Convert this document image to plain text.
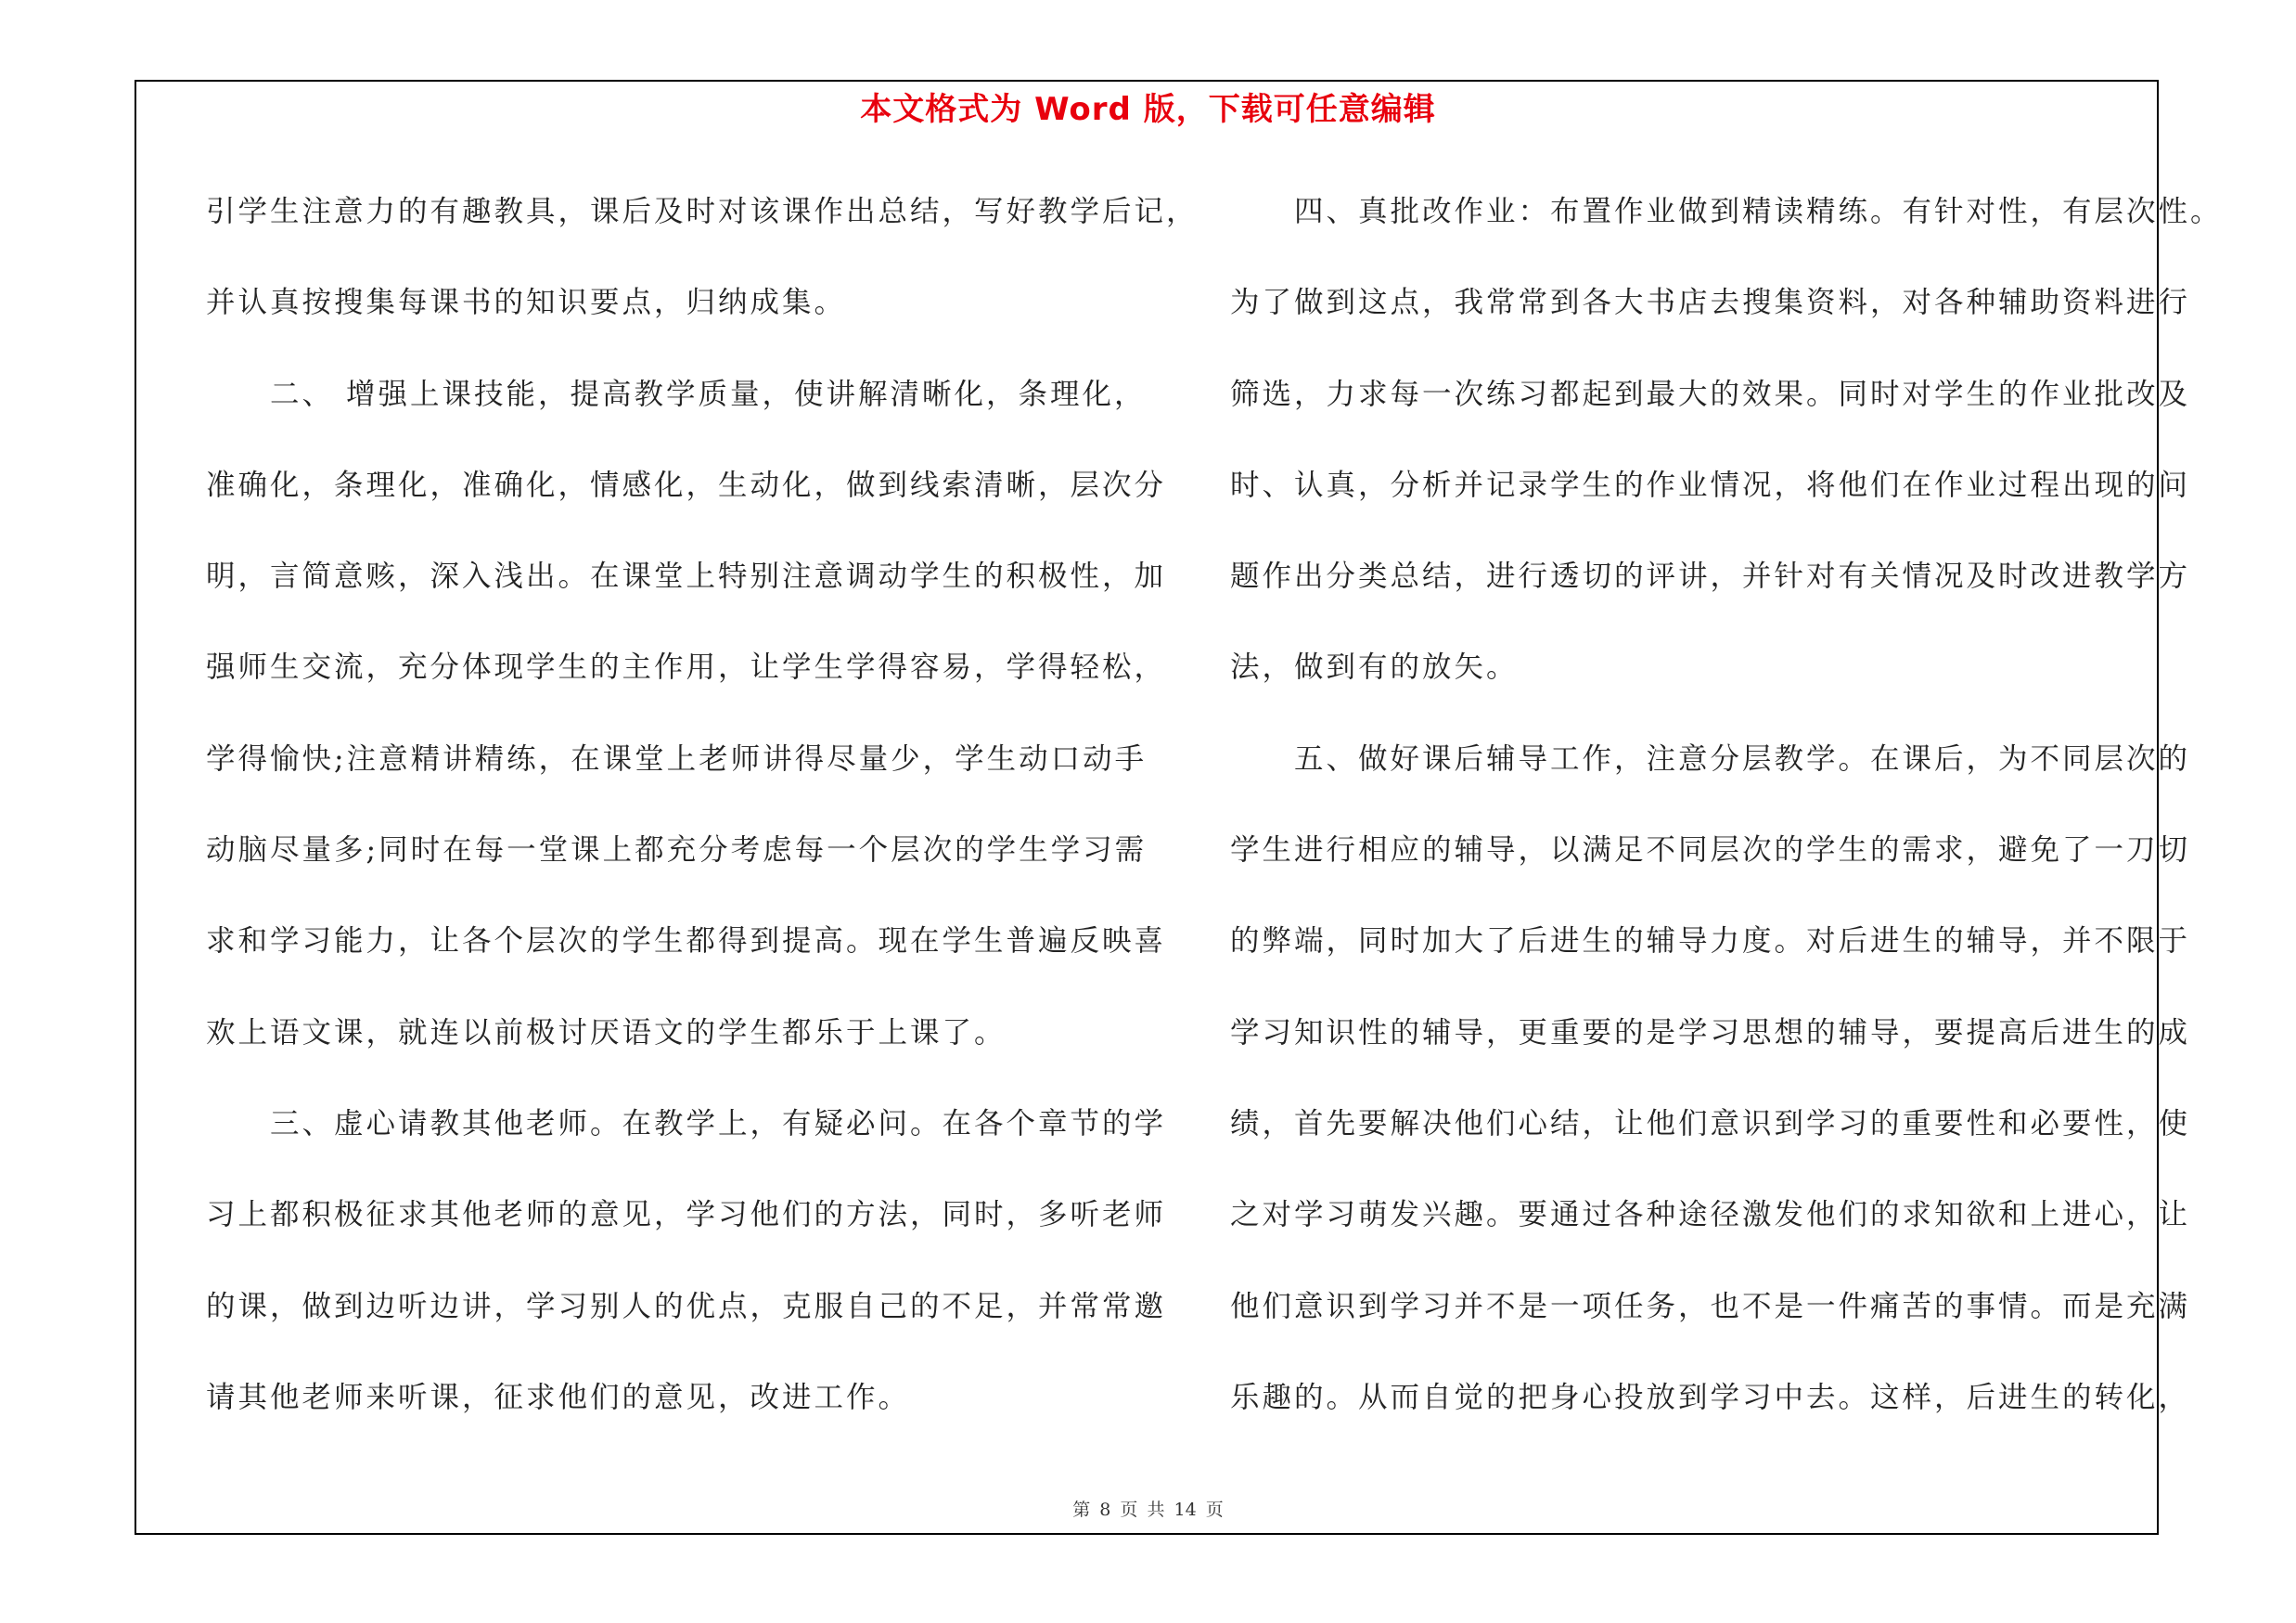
本文格式为 Word 版，下载可任意编辑
引学生注意力的有趣教具，课后及时对该课作出总结，写好教学后记，
并认真按搜集每课书的知识要点，归纳成集。
　　二、 增强上课技能，提高教学质量，使讲解清晰化，条理化，
准确化，条理化，准确化，情感化，生动化，做到线索清晰，层次分
明，言简意赅，深入浅出。在课堂上特别注意调动学生的积极性，加
强师生交流，充分体现学生的主作用，让学生学得容易，学得轻松，
学得愉快;注意精讲精练，在课堂上老师讲得尽量少，学生动口动手
动脑尽量多;同时在每一堂课上都充分考虑每一个层次的学生学习需
求和学习能力，让各个层次的学生都得到提高。现在学生普遍反映喜
欢上语文课，就连以前极讨厌语文的学生都乐于上课了。
　　三、虚心请教其他老师。在教学上，有疑必问。在各个章节的学
习上都积极征求其他老师的意见，学习他们的方法，同时，多听老师
的课，做到边听边讲，学习别人的优点，克服自己的不足，并常常邀
请其他老师来听课，征求他们的意见，改进工作。
　　四、真批改作业：布置作业做到精读精练。有针对性，有层次性。
为了做到这点，我常常到各大书店去搜集资料，对各种辅助资料进行
筛选，力求每一次练习都起到最大的效果。同时对学生的作业批改及
时、认真，分析并记录学生的作业情况，将他们在作业过程出现的问
题作出分类总结，进行透切的评讲，并针对有关情况及时改进教学方
法，做到有的放矢。
　　五、做好课后辅导工作，注意分层教学。在课后，为不同层次的
学生进行相应的辅导，以满足不同层次的学生的需求，避免了一刀切
的弊端，同时加大了后进生的辅导力度。对后进生的辅导，并不限于
学习知识性的辅导，更重要的是学习思想的辅导，要提高后进生的成
绩，首先要解决他们心结，让他们意识到学习的重要性和必要性，使
之对学习萌发兴趣。要通过各种途径激发他们的求知欲和上进心，让
他们意识到学习并不是一项任务，也不是一件痛苦的事情。而是充满
乐趣的。从而自觉的把身心投放到学习中去。这样，后进生的转化，
第 8 页 共 14 页
